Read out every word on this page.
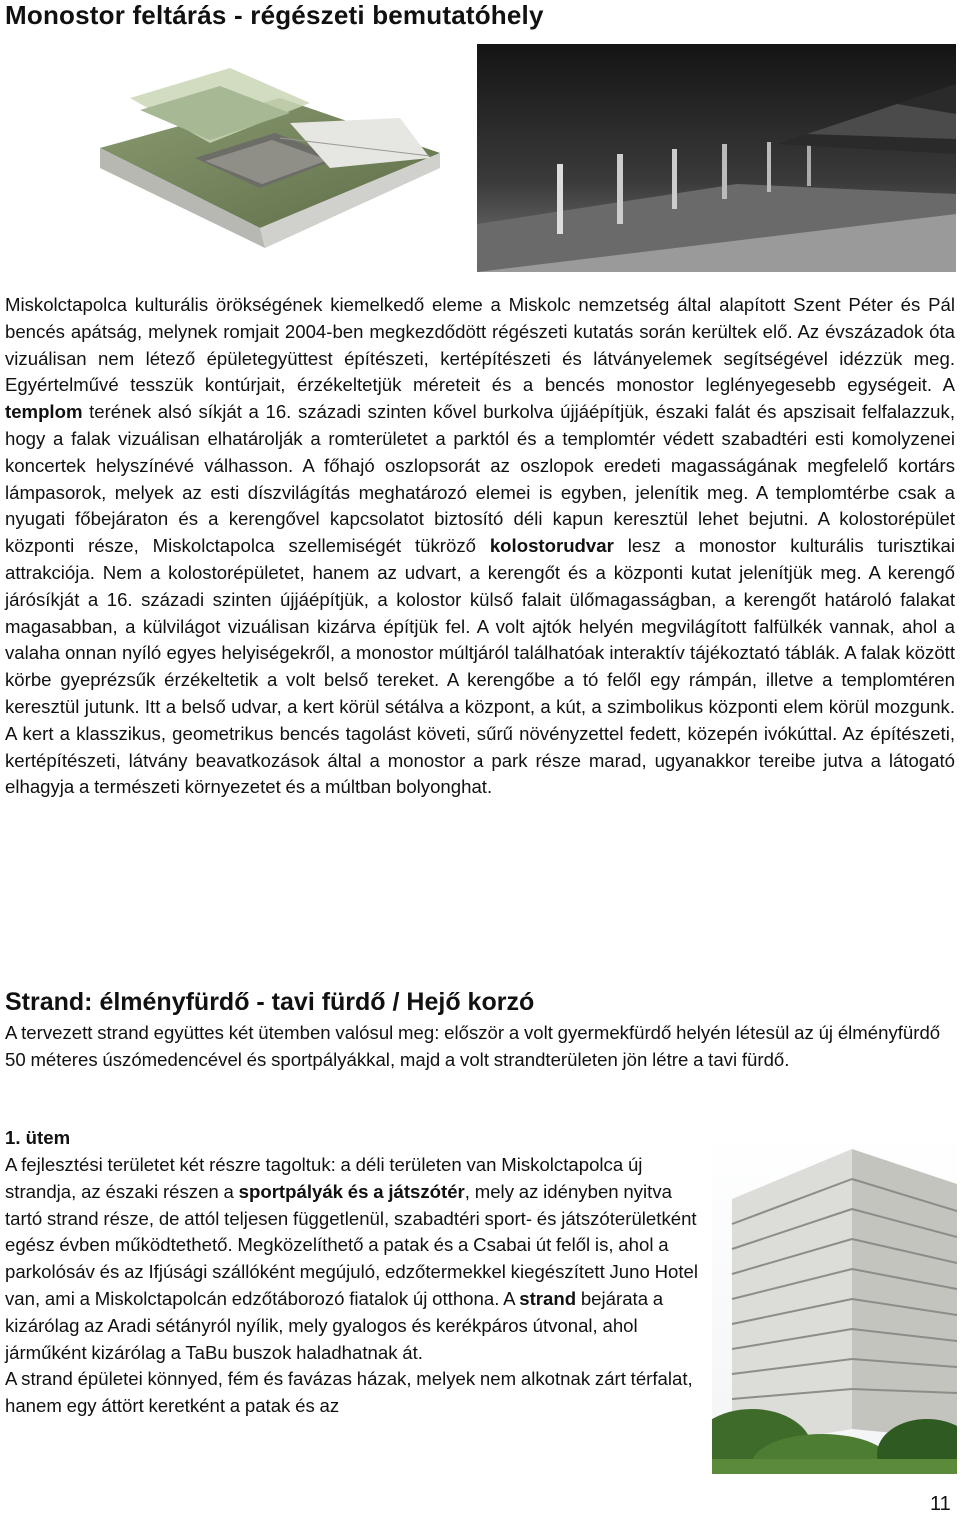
Monostor feltárás - régészeti bemutatóhely

Miskolctapolca kulturális örökségének kiemelkedő eleme a Miskolc nemzetség által alapított Szent Péter és Pál bencés apátság, melynek romjait 2004-ben megkezdődött régészeti kutatás során kerültek elő. Az évszázadok óta vizuálisan nem létező épületegyüttest építészeti, kertépítészeti és látványelemek segítségével idézzük meg. Egyértelművé tesszük kontúrjait, érzékeltetjük méreteit és a bencés monostor leglényegesebb egységeit. A templom terének alsó síkját a 16. századi szinten kővel burkolva újjáépítjük, északi falát és apszisait felfalazzuk, hogy a falak vizuálisan elhatárolják a romterületet a parktól és a templomtér védett szabadtéri esti komolyzenei koncertek helyszínévé válhasson. A főhajó oszlopsorát az oszlopok eredeti magasságának megfelelő kortárs lámpasorok, melyek az esti díszvilágítás meghatározó elemei is egyben, jelenítik meg. A templomtérbe csak a nyugati főbejáraton és a kerengővel kapcsolatot biztosító déli kapun keresztül lehet bejutni. A kolostorépület központi része, Miskolctapolca szellemiségét tükröző kolostorudvar lesz a monostor kulturális turisztikai attrakciója. Nem a kolostorépületet, hanem az udvart, a kerengőt és a központi kutat jelenítjük meg. A kerengő járósíkját a 16. századi szinten újjáépítjük, a kolostor külső falait ülőmagasságban, a kerengőt határoló falakat magasabban, a külvilágot vizuálisan kizárva építjük fel. A volt ajtók helyén megvilágított falfülkék vannak, ahol a valaha onnan nyíló egyes helyiségekről, a monostor múltjáról találhatóak interaktív tájékoztató táblák. A falak között körbe gyeprézsűk érzékeltetik a volt belső tereket. A kerengőbe a tó felől egy rámpán, illetve a templomtéren keresztül jutunk. Itt a belső udvar, a kert körül sétálva a központ, a kút, a szimbolikus központi elem körül mozgunk. A kert a klasszikus, geometrikus bencés tagolást követi, sűrű növényzettel fedett, közepén ivókúttal. Az építészeti, kertépítészeti, látvány beavatkozások által a monostor a park része marad, ugyanakkor tereibe jutva a látogató elhagyja a természeti környezetet és a múltban bolyonghat.

Strand: élményfürdő - tavi fürdő / Hejő korzó

A tervezett strand együttes két ütemben valósul meg: először a volt gyermekfürdő helyén létesül az új élményfürdő 50 méteres úszómedencével és sportpályákkal, majd a volt strandterületen jön létre a tavi fürdő.

1. ütem

A fejlesztési területet két részre tagoltuk: a déli területen van Miskolctapolca új strandja, az északi részen a sportpályák és a játszótér, mely az idényben nyitva tartó strand része, de attól teljesen függetlenül, szabadtéri sport- és játszóterületként egész évben működtethető. Megközelíthető a patak és a Csabai út felől is, ahol a parkolósáv és az Ifjúsági szállóként megújuló, edzőtermekkel kiegészített Juno Hotel van, ami a Miskolctapolcán edzőtáborozó fiatalok új otthona. A strand bejárata a kizárólag az Aradi sétányról nyílik, mely gyalogos és kerékpáros útvonal, ahol járműként kizárólag a TaBu buszok haladhatnak át.
A strand épületei könnyed, fém és favázas házak, melyek nem alkotnak zárt térfalat, hanem egy áttört keretként a patak és az

11
